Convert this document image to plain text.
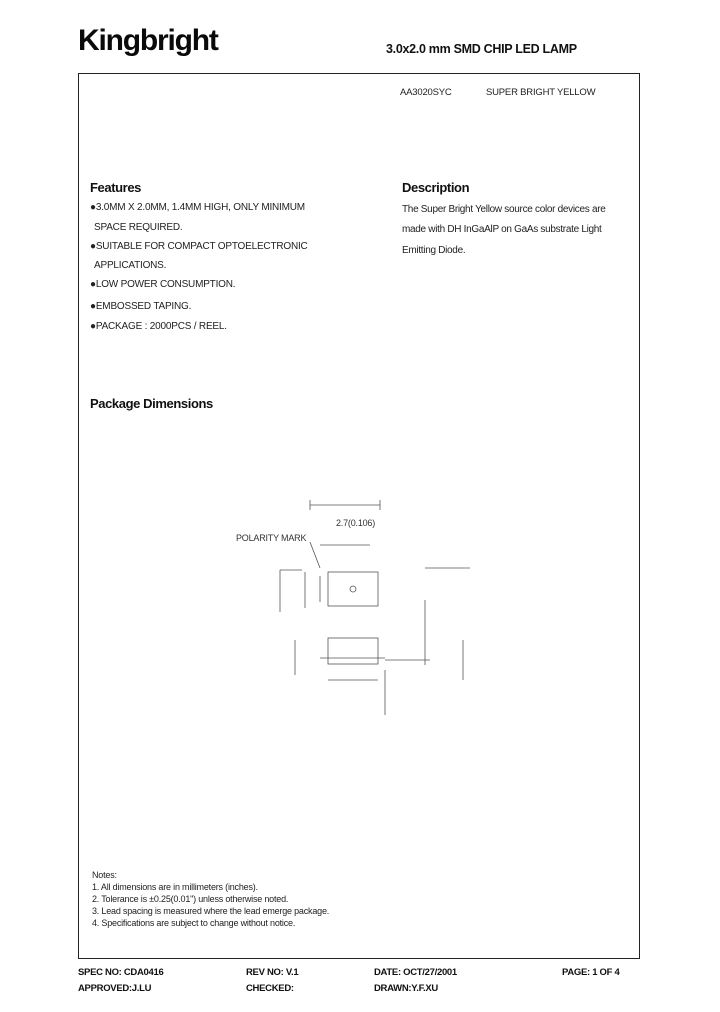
Kingbright	3.0x2.0 mm SMD CHIP LED LAMP
AA3020SYC	SUPER BRIGHT YELLOW
Features
●3.0MM X 2.0MM, 1.4MM HIGH, ONLY MINIMUM
SPACE REQUIRED.
●SUITABLE FOR COMPACT OPTOELECTRONIC
APPLICATIONS.
●LOW POWER CONSUMPTION.
●EMBOSSED TAPING.
●PACKAGE : 2000PCS / REEL.
Description
The Super Bright Yellow source color devices are
made with DH InGaAlP on GaAs substrate Light
Emitting Diode.
Package Dimensions
POLARITY MARK
2.7(0.106)
Notes:
1. All dimensions are in millimeters (inches).
2. Tolerance is ±0.25(0.01") unless otherwise noted.
3. Lead spacing is measured where the lead emerge package.
4. Specifications are subject to change without notice.
SPEC NO: CDA0416	REV NO: V.1	DATE: OCT/27/2001	PAGE: 1 OF 4
APPROVED:J.LU	CHECKED:	DRAWN:Y.F.XU
